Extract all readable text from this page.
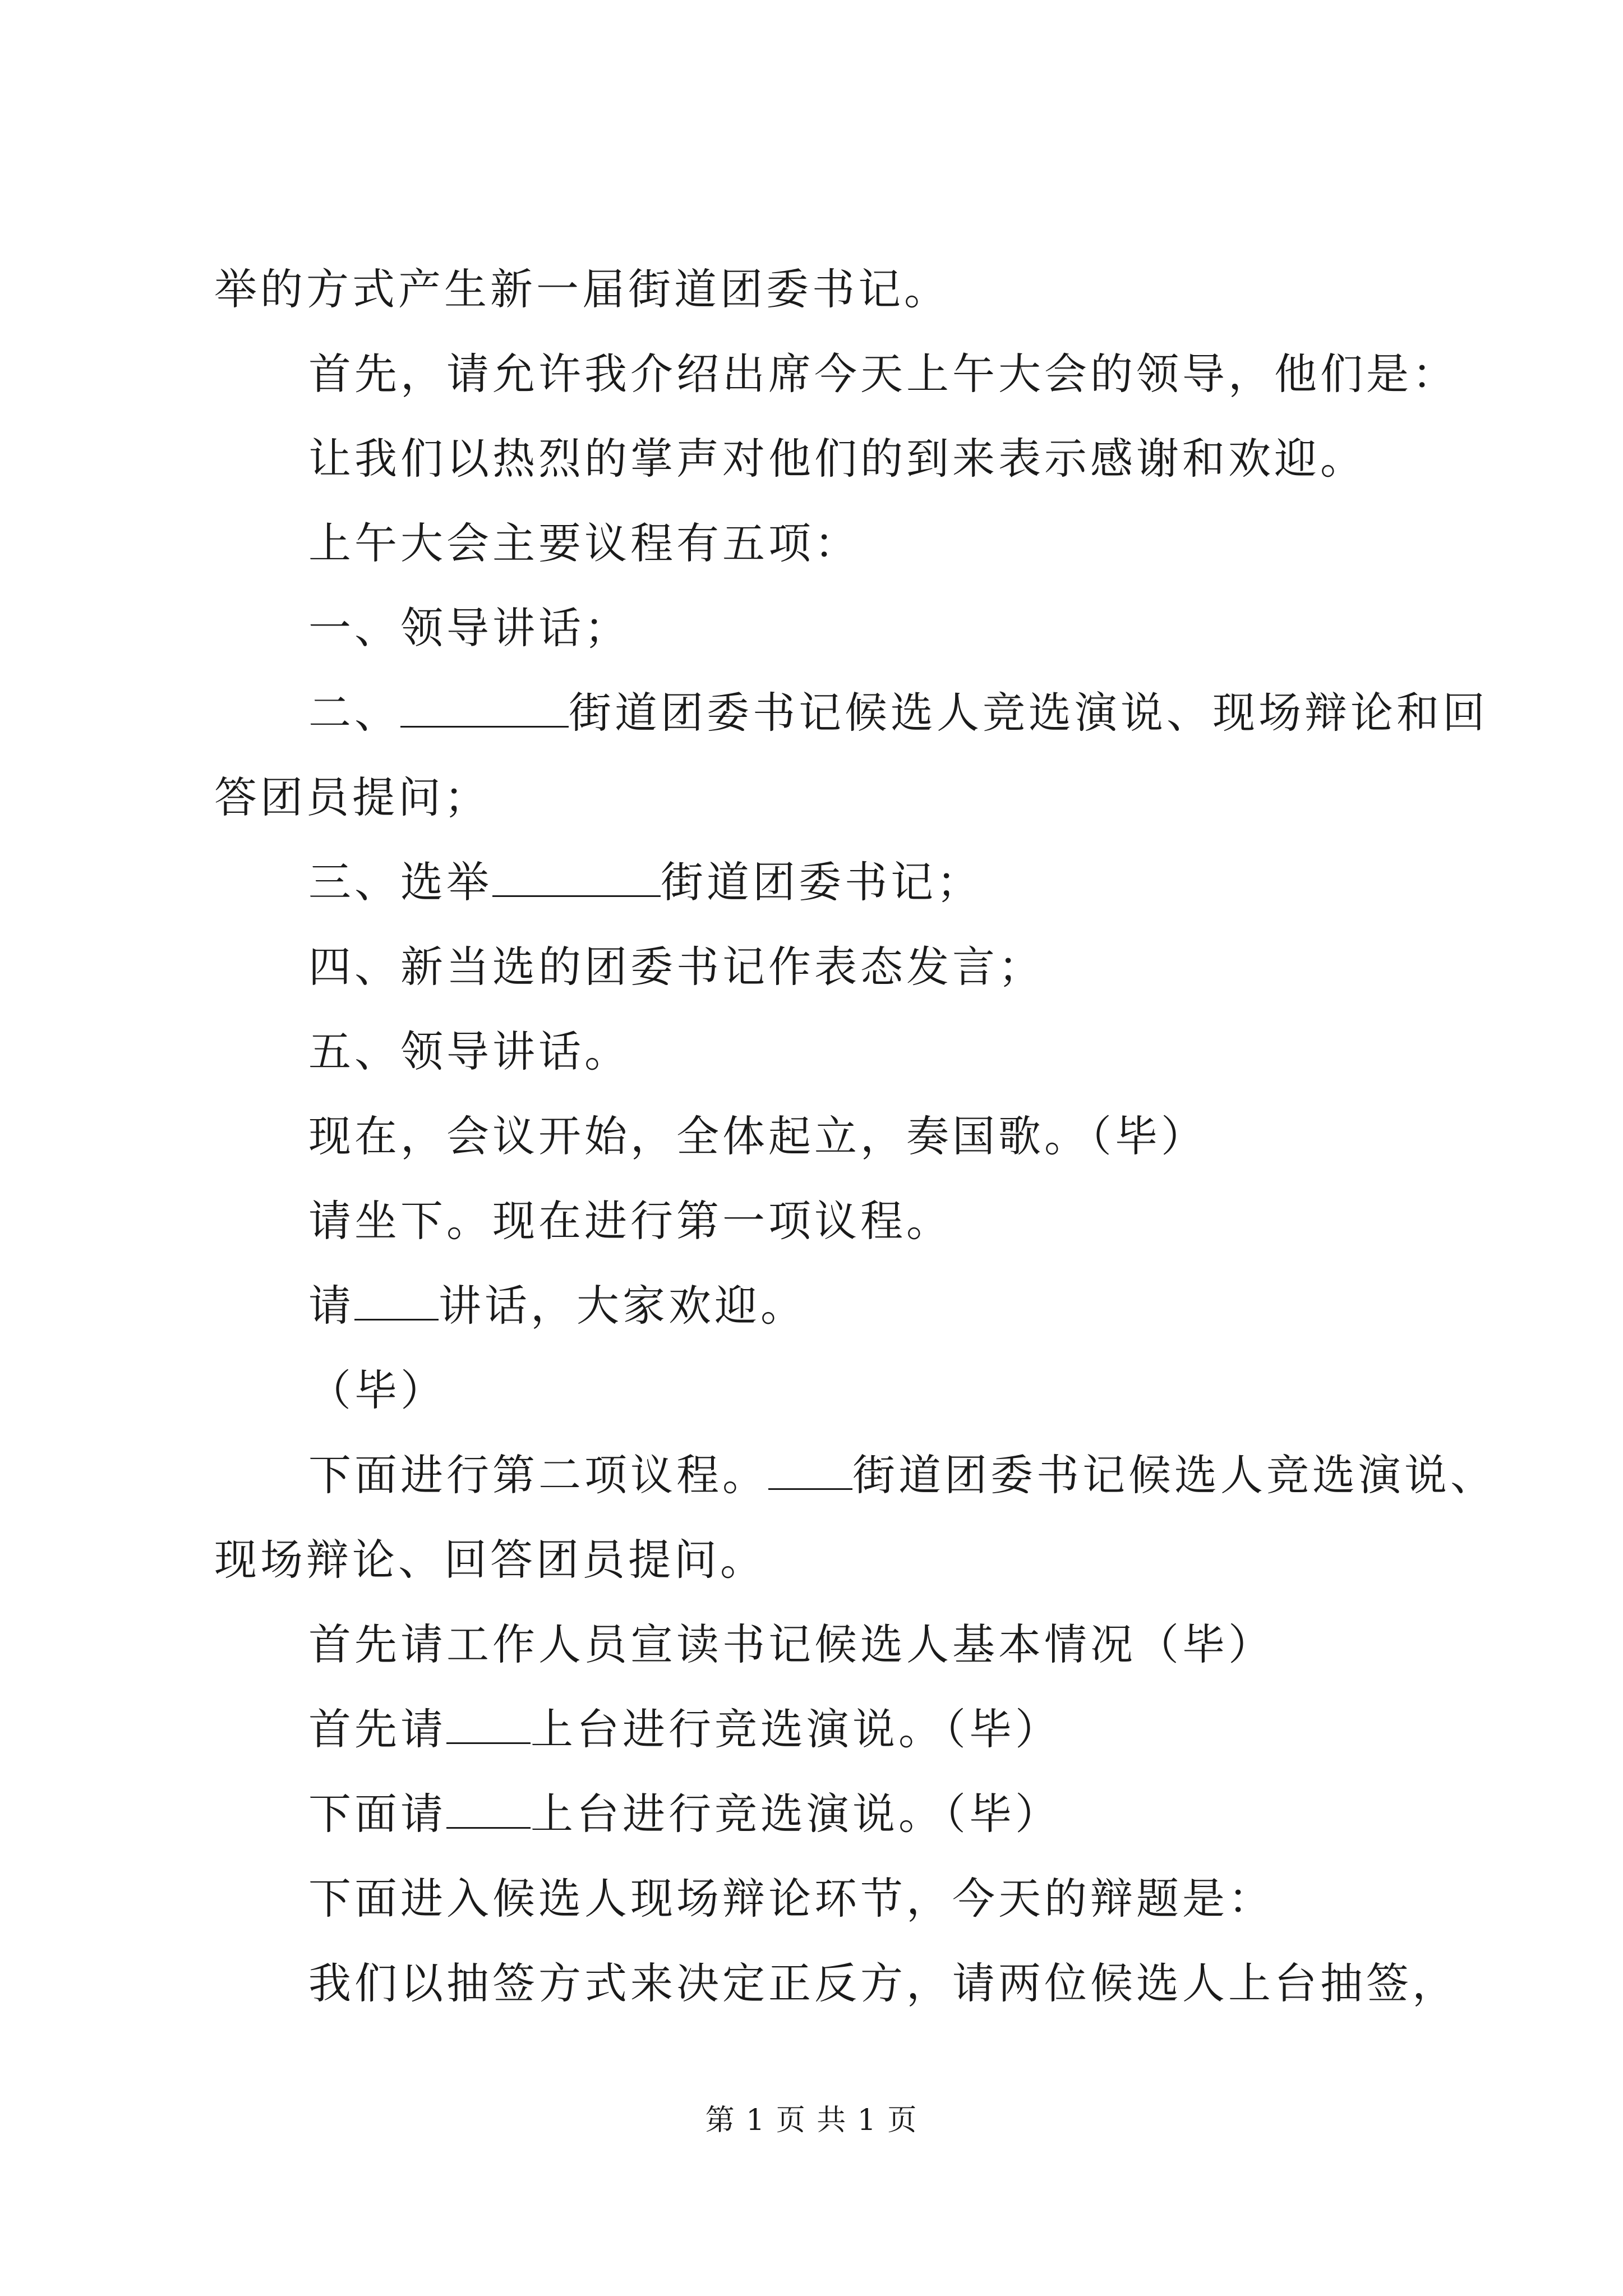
举的方式产生新一届街道团委书记。
首先，请允许我介绍出席今天上午大会的领导，他们是：
让我们以热烈的掌声对他们的到来表示感谢和欢迎。
上午大会主要议程有五项：
一、领导讲话；
二、	街道团委书记候选人竞选演说、现场辩论和回
答团员提问；
三、选举	街道团委书记；
四、新当选的团委书记作表态发言；
五、领导讲话。
现在，会议开始，全体起立，奏国歌。（毕）
请坐下。现在进行第一项议程。
请 讲话，大家欢迎。
（毕）
下面进行第二项议程。 街道团委书记候选人竞选演说、
现场辩论、回答团员提问。
首先请工作人员宣读书记候选人基本情况（毕）
首先请 上台进行竞选演说。（毕）
下面请 上台进行竞选演说。（毕）
下面进入候选人现场辩论环节，今天的辩题是：
我们以抽签方式来决定正反方，请两位候选人上台抽签，
第 1 页 共 1 页
